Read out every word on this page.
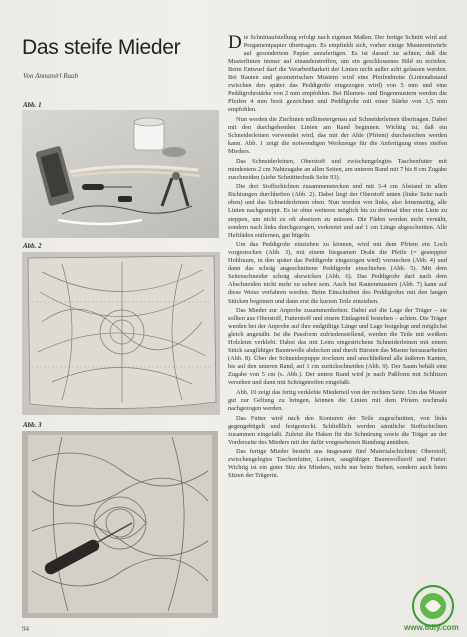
Das steife Mieder
Von Annamirl Raab
Abb. 1
Abb. 2
Abb. 3

Die Schnittaufstellung erfolgt nach eigenen Maßen. Der fertige Schnitt wird auf Pergamentpapier übertragen. Es empfiehlt sich, vorher einige Musterentwürfe auf gesondertem Papier anzufertigen. Es ist darauf zu achten, daß die Musterlinien immer auf einanderstreffen, um ein geschlossenes Bild zu erzielen. Beim Entwurf darf die Verarbeitbarkeit der Linien nicht außer acht gelassen werden. Bei Rauten und geometrischen Mustern wird eine Pfeifenbreite (Linienabstand zwischen den später das Peddigrohr eingezogen wird) von 5 mm und eine Peddigrohrstärke von 2 mm empfohlen. Bei Blumen- und Bogenmustern werden die Pfeifen 4 mm breit gezeichnet und Peddigrohr mit einer Stärke von 1,5 mm empfohlen.

Nun werden die Zierlinien millimetergenau auf Schneiderleinen übertragen. Dabei mit den durchgehenden Linien am Rand beginnen. Wichtig ist, daß ein Schneiderleinen verwendet wird, das mit der Ahle (Pfriem) durchstochen werden kann. Abb. 1 zeigt die notwendigen Werkzeuge für die Anfertigung eines steifen Mieders.

Das Schneiderleinen, Oberstoff und zwischengelegtes Taschenfutter mit mindestens 2 cm Nahtzugabe an allen Seiten, am unteren Rand mit 7 bis 8 cm Zugabe zuschneiden (siehe Schnitttechnik Seite 93).

Die drei Stoffschichten zusammenstecken und mit 3-4 cm Abstand in allen Richtungen durchheften (Abb. 2). Dabei liegt der Oberstoff unten (linke Seite nach oben) und das Schneiderleinen oben. Nun werden von links, also leinenseitig, alle Linien nachgesteppt. Es ist ohne weiteres möglich bis zu dreimal über eine Linie zu steppen, um nicht zu oft absetzen zu müssen. Die Fäden werden nicht vernäht, sondern nach links durchgezogen, verknotet und auf 1 cm Länge abgeschnitten. Alle Heftfäden entfernen, gut bügeln.

Um das Peddigrohr einziehen zu können, wird mit dem Pfriem ein Loch vorgestochen (Abb. 3), mit einem biegsamen Draht die Pfeife (= gesteppter Hohlraum, in den später das Peddigrohr eingezogen wird) vorstechen (Abb. 4) und dann das schräg angeschnittene Peddigrohr einschieben (Abb. 5). Mit dem Seitenschneider schräg abzwicken (Abb. 6). Das Peddigrohr darf nach dem Abschneiden nicht mehr zu sehen sein. Auch bei Rautenmustern (Abb. 7) kann auf diese Weise verfahren werden. Beim Einschieben des Peddigrohrs mit den langen Stücken beginnen und dann erst die kurzen Teile einziehen.

Das Mieder zur Anprobe zusammenheften. Dabei auf die Lage der Träger – sie sollten aus Oberstoff, Futterstoff und einem Einlageteil bestehen – achten. Die Träger werden bei der Anprobe auf ihre endgültige Länge und Lage festgelegt und möglichst gleich angenäht. Ist die Passform zufriedenstellend, werden die Teile mit weißem Holzleim verklebt. Dabei das mit Leim eingestrichene Schneiderleinen mit einem Stück saugfähiger Baumwolle abdecken und durch Bürsten das Muster herausarbeiten (Abb. 8). Über der Schneiderpuppe trocknen und anschließend alle äußeren Kanten, bis auf den unteren Rand, auf 1 cm zurückschneiden (Abb. 9). Der Saum behält eine Zugabe von 5 cm (s. Abb.). Der untere Rand wird je nach Paßform mit Schlitzen versehen und dann mit Schrägstreifen eingefaßt.

Abb. 10 zeigt das fertig verklebte Miederteil von der rechten Seite. Um das Muster gut zur Geltung zu bringen, können die Linien mit dem Pfriem nochmals nachgezogen werden.

Das Futter wird nach den Konturen der Teile zugeschnitten, von links gegengebügelt und festgesteckt. Schließlich werden sämtliche Stoffschichten zusammen eingefaßt. Zuletzt die Haken für die Schnürung sowie die Träger an der Vorderseite des Mieders mit der dafür vorgesehenen Rundung annähen.

Das fertige Mieder besteht aus insgesamt fünf Materialschichten: Oberstoff, zwischengelegtes Taschenfutter, Leinen, saugfähiger Baumwollstoff und Futter. Wichtig ist ein guter Sitz des Mieders, nicht nur beim Stehen, sondern auch beim Sitzen der Trägerin.

94	www.6diy.com
